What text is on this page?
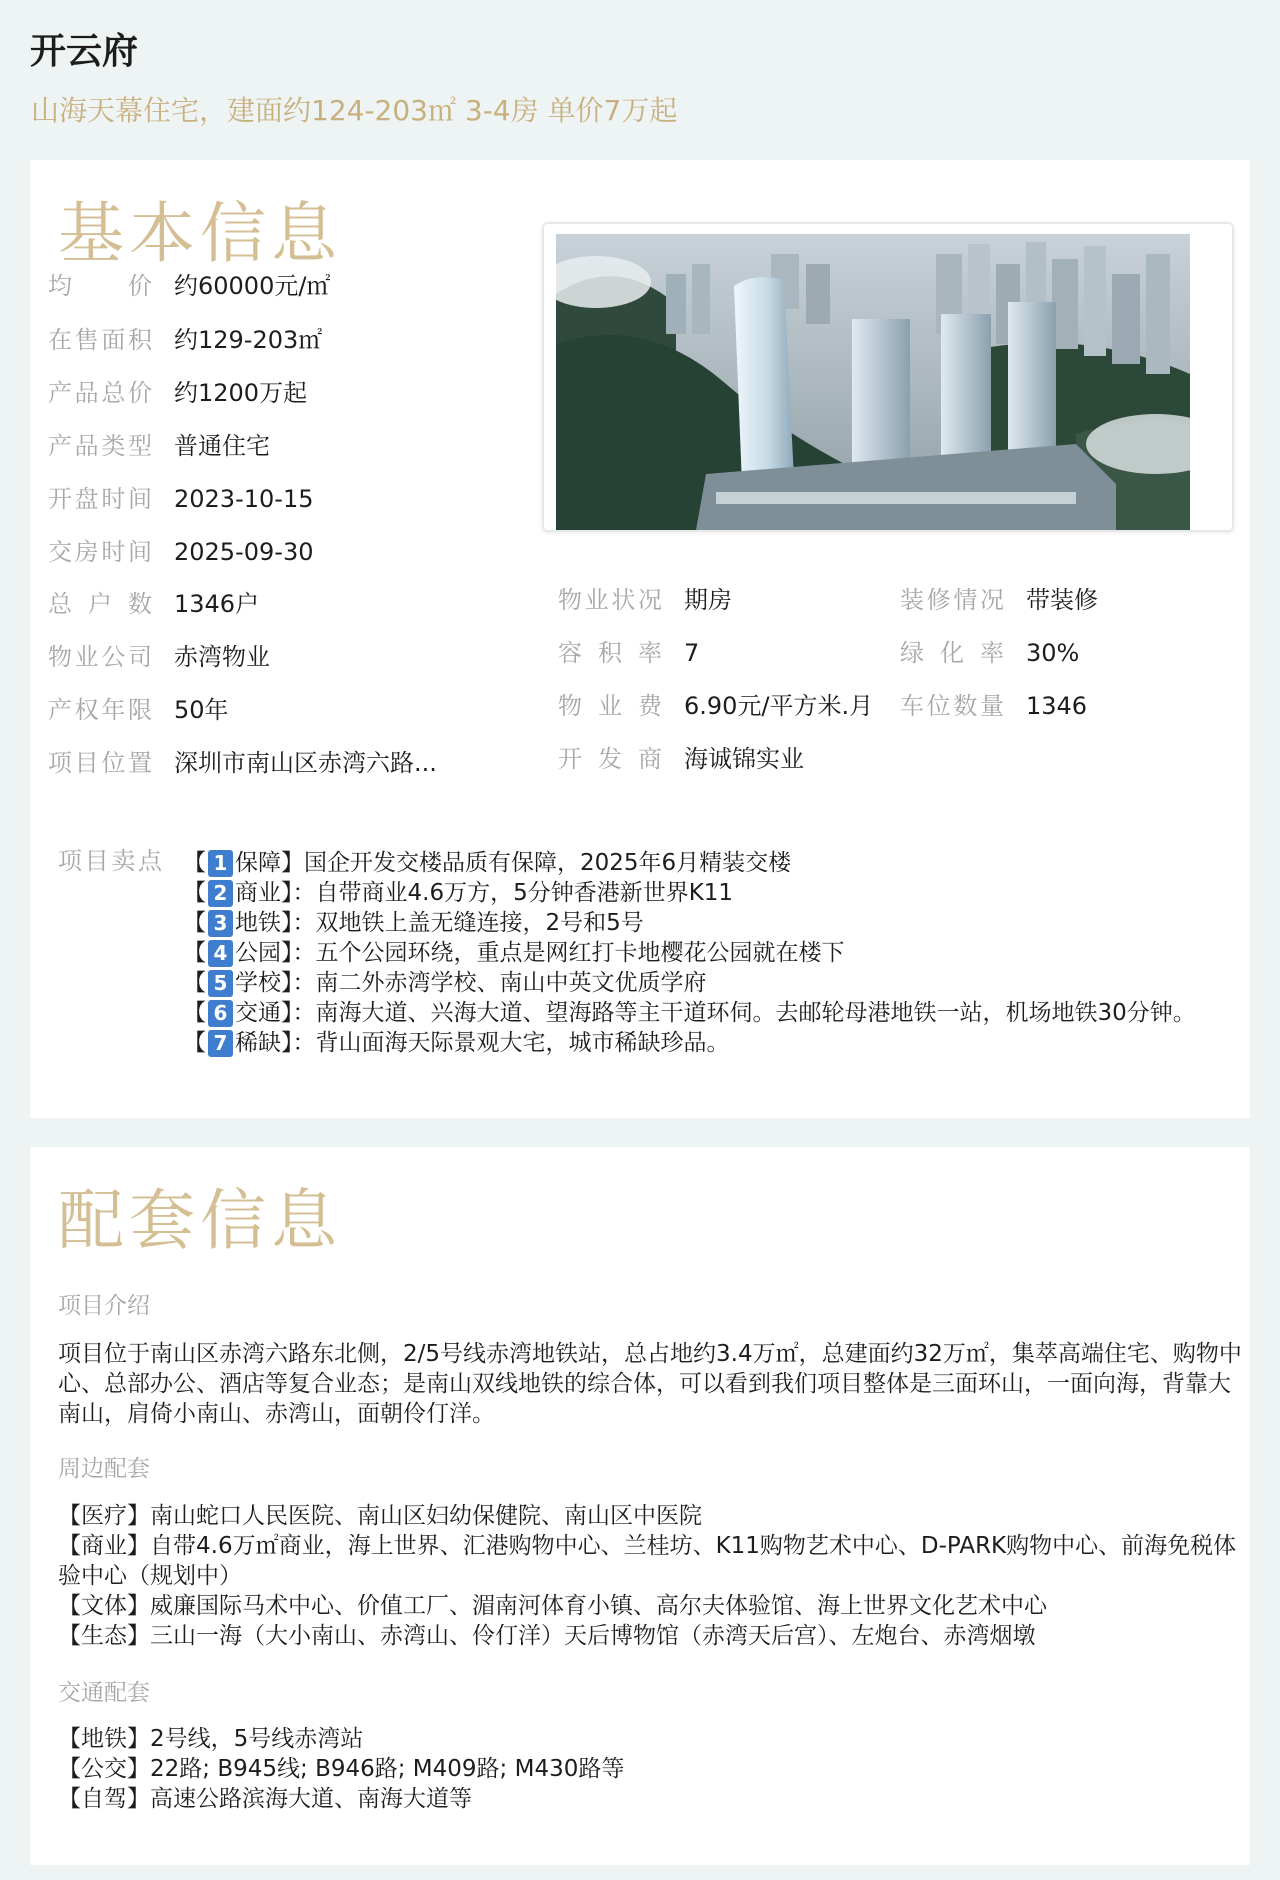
开云府
山海天幕住宅，建面约124-203㎡ 3-4房 单价7万起
基本信息
均价 约60000元/㎡
在售面积 约129-203㎡
产品总价 约1200万起
产品类型 普通住宅
开盘时间 2023-10-15
交房时间 2025-09-30
总户数 1346户
物业公司 赤湾物业
产权年限 50年
项目位置 深圳市南山区赤湾六路...
物业状况 期房
容积率 7
物业费 6.90元/平方米.月
开发商 海诚锦实业
装修情况 带装修
绿化率 30%
车位数量 1346
项目卖点 【 1 保障】国企开发交楼品质有保障，2025年6月精装交楼
【 2 商业】：自带商业4.6万方，5分钟香港新世界K11
【 3 地铁】：双地铁上盖无缝连接，2号和5号
【 4 公园】：五个公园环绕，重点是网红打卡地樱花公园就在楼下
【 5 学校】：南二外赤湾学校、南山中英文优质学府
【 6 交通】：南海大道、兴海大道、望海路等主干道环伺。去邮轮母港地铁一站，机场地铁30分钟。
【 7 稀缺】：背山面海天际景观大宅，城市稀缺珍品。
配套信息
项目介绍
项目位于南山区赤湾六路东北侧，2/5号线赤湾地铁站，总占地约3.4万㎡，总建面约32万㎡，集萃高端住宅、购物中心、总部办公、酒店等复合业态；是南山双线地铁的综合体，可以看到我们项目整体是三面环山，一面向海，背靠大南山，肩倚小南山、赤湾山，面朝伶仃洋。
周边配套
【医疗】南山蛇口人民医院、南山区妇幼保健院、南山区中医院
【商业】自带4.6万㎡商业，海上世界、汇港购物中心、兰桂坊、K11购物艺术中心、D-PARK购物中心、前海免税体验中心（规划中）
【文体】威廉国际马术中心、价值工厂、湄南河体育小镇、高尔夫体验馆、海上世界文化艺术中心
【生态】三山一海（大小南山、赤湾山、伶仃洋）天后博物馆（赤湾天后宫）、左炮台、赤湾烟墩
交通配套
【地铁】2号线，5号线赤湾站
【公交】22路; B945线; B946路; M409路; M430路等
【自驾】高速公路滨海大道、南海大道等
